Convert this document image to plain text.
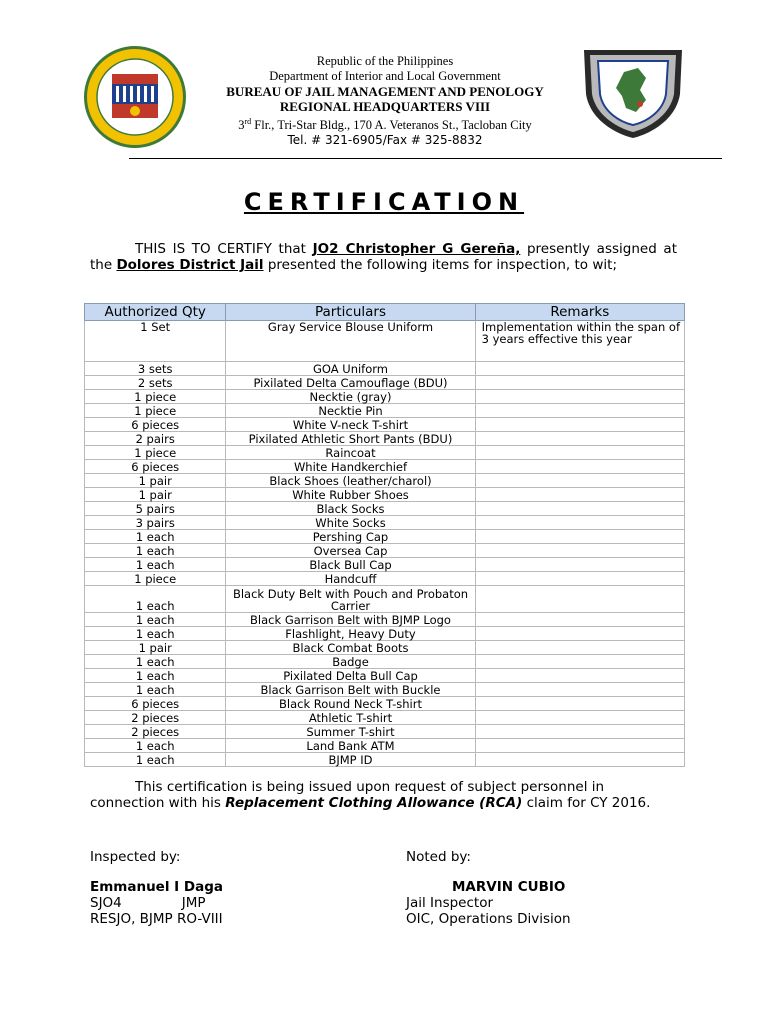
Republic of the Philippines
Department of Interior and Local Government
BUREAU OF JAIL MANAGEMENT AND PENOLOGY
REGIONAL HEADQUARTERS VIII
3rd Flr., Tri-Star Bldg., 170 A. Veteranos St., Tacloban City
Tel. # 321-6905/Fax # 325-8832
CERTIFICATION
THIS IS TO CERTIFY that JO2 Christopher G Gereña, presently assigned at the Dolores District Jail presented the following items for inspection, to wit;
Authorized Qty	Particulars	Remarks
1 Set	Gray Service Blouse Uniform	Implementation within the span of 3 years effective this year
3 sets	GOA Uniform	
2 sets	Pixilated Delta Camouflage (BDU)	
1 piece	Necktie (gray)	
1 piece	Necktie Pin	
6 pieces	White V-neck T-shirt	
2 pairs	Pixilated Athletic Short Pants (BDU)	
1 piece	Raincoat	
6 pieces	White Handkerchief	
1 pair	Black Shoes (leather/charol)	
1 pair	White Rubber Shoes	
5 pairs	Black Socks	
3 pairs	White Socks	
1 each	Pershing Cap	
1 each	Oversea Cap	
1 each	Black Bull Cap	
1 piece	Handcuff	
1 each	Black Duty Belt with Pouch and Probaton Carrier	
1 each	Black Garrison Belt with BJMP Logo	
1 each	Flashlight, Heavy Duty	
1 pair	Black Combat Boots	
1 each	Badge	
1 each	Pixilated Delta Bull Cap	
1 each	Black Garrison Belt with Buckle	
6 pieces	Black Round Neck T-shirt	
2 pieces	Athletic T-shirt	
2 pieces	Summer T-shirt	
1 each	Land Bank ATM	
1 each	BJMP ID	
This certification is being issued upon request of subject personnel in connection with his Replacement Clothing Allowance (RCA) claim for CY 2016.
Inspected by:
Emmanuel I Daga
SJO4	JMP
RESJO, BJMP RO-VIII
Noted by:
MARVIN CUBIO
Jail Inspector
OIC, Operations Division
